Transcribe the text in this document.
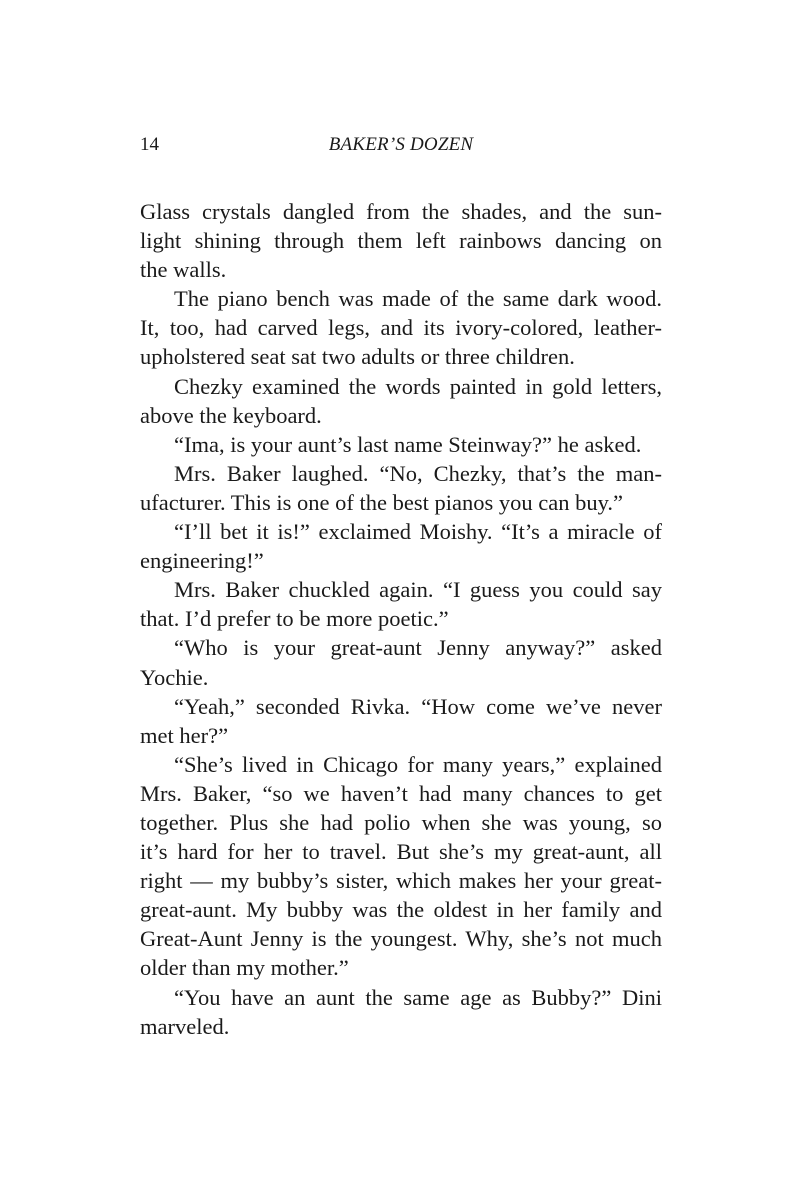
14	BAKER’S DOZEN
Glass crystals dangled from the shades, and the sun-
light shining through them left rainbows dancing on
the walls.
The piano bench was made of the same dark wood.
It, too, had carved legs, and its ivory-colored, leather-
upholstered seat sat two adults or three children.
Chezky examined the words painted in gold letters,
above the keyboard.
“Ima, is your aunt’s last name Steinway?” he asked.
Mrs. Baker laughed. “No, Chezky, that’s the man-
ufacturer. This is one of the best pianos you can buy.”
“I’ll bet it is!” exclaimed Moishy. “It’s a miracle of
engineering!”
Mrs. Baker chuckled again. “I guess you could say
that. I’d prefer to be more poetic.”
“Who is your great-aunt Jenny anyway?” asked
Yochie.
“Yeah,” seconded Rivka. “How come we’ve never
met her?”
“She’s lived in Chicago for many years,” explained
Mrs. Baker, “so we haven’t had many chances to get
together. Plus she had polio when she was young, so
it’s hard for her to travel. But she’s my great-aunt, all
right — my bubby’s sister, which makes her your great-
great-aunt. My bubby was the oldest in her family and
Great-Aunt Jenny is the youngest. Why, she’s not much
older than my mother.”
“You have an aunt the same age as Bubby?” Dini
marveled.
